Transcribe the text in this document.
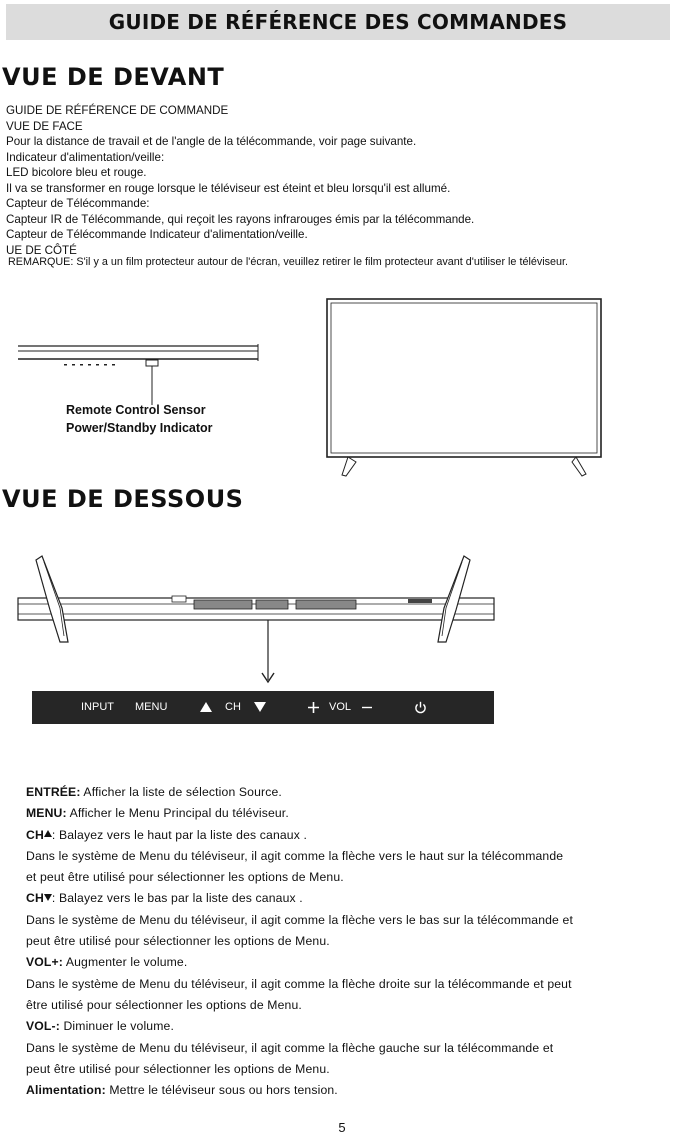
GUIDE DE RÉFÉRENCE DES COMMANDES
VUE DE DEVANT
GUIDE DE RÉFÉRENCE DE COMMANDE
VUE DE FACE
Pour la distance de travail et de l'angle de la télécommande, voir page suivante.
Indicateur d'alimentation/veille:
LED bicolore bleu et rouge.
Il va se transformer en rouge lorsque le téléviseur est éteint et bleu lorsqu'il est allumé.
Capteur de Télécommande:
Capteur IR de Télécommande, qui reçoit les rayons infrarouges émis par la télécommande.
Capteur de Télécommande Indicateur d'alimentation/veille.
UE DE CÔTÉ
REMARQUE: S'il y a un film protecteur autour de l'écran, veuillez retirer le film protecteur avant d'utiliser le téléviseur.
Remote Control Sensor
Power/Standby Indicator
VUE DE DESSOUS
INPUT MENU	CH	VOL
ENTRÉE: Afficher la liste de sélection Source.
MENU: Afficher le Menu Principal du téléviseur.
CH : Balayez vers le haut par la liste des canaux .
Dans le système de Menu du téléviseur, il agit comme la flèche vers le haut sur la télécommande
et peut être utilisé pour sélectionner les options de Menu.
CH : Balayez vers le bas par la liste des canaux .
Dans le système de Menu du téléviseur, il agit comme la flèche vers le bas sur la télécommande et
peut être utilisé pour sélectionner les options de Menu.
VOL+: Augmenter le volume.
Dans le système de Menu du téléviseur, il agit comme la flèche droite sur la télécommande et peut
être utilisé pour sélectionner les options de Menu.
VOL-: Diminuer le volume.
Dans le système de Menu du téléviseur, il agit comme la flèche gauche sur la télécommande et
peut être utilisé pour sélectionner les options de Menu.
Alimentation: Mettre le téléviseur sous ou hors tension.
5
